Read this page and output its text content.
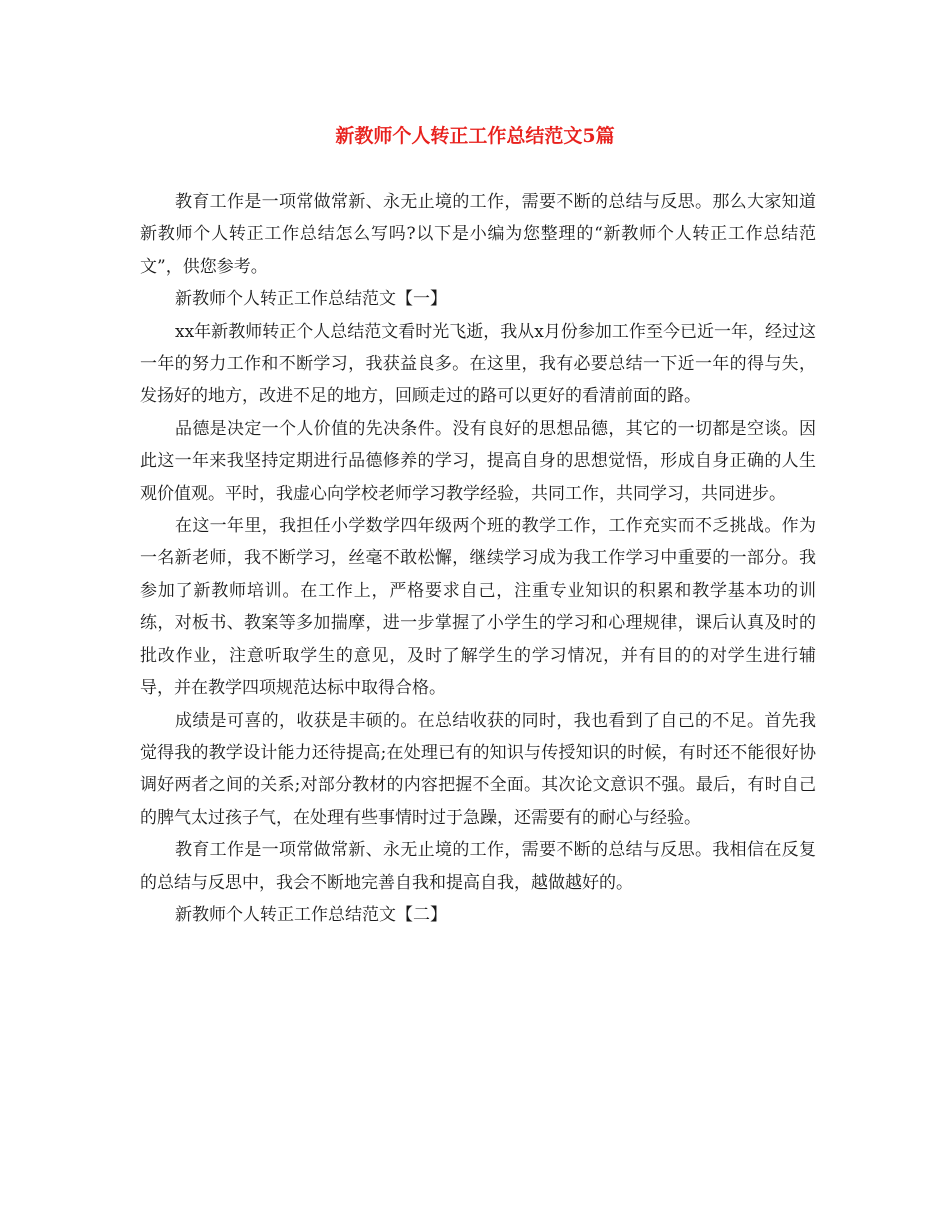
新教师个人转正工作总结范文5篇

教育工作是一项常做常新、永无止境的工作，需要不断的总结与反思。那么大家知道新教师个人转正工作总结怎么写吗?以下是小编为您整理的“新教师个人转正工作总结范文”，供您参考。

新教师个人转正工作总结范文【一】

xx年新教师转正个人总结范文看时光飞逝，我从x月份参加工作至今已近一年，经过这一年的努力工作和不断学习，我获益良多。在这里，我有必要总结一下近一年的得与失，发扬好的地方，改进不足的地方，回顾走过的路可以更好的看清前面的路。

品德是决定一个人价值的先决条件。没有良好的思想品德，其它的一切都是空谈。因此这一年来我坚持定期进行品德修养的学习，提高自身的思想觉悟，形成自身正确的人生观价值观。平时，我虚心向学校老师学习教学经验，共同工作，共同学习，共同进步。

在这一年里，我担任小学数学四年级两个班的教学工作，工作充实而不乏挑战。作为一名新老师，我不断学习，丝毫不敢松懈，继续学习成为我工作学习中重要的一部分。我参加了新教师培训。在工作上，严格要求自己，注重专业知识的积累和教学基本功的训练，对板书、教案等多加揣摩，进一步掌握了小学生的学习和心理规律，课后认真及时的批改作业，注意听取学生的意见，及时了解学生的学习情况，并有目的的对学生进行辅导，并在教学四项规范达标中取得合格。

成绩是可喜的，收获是丰硕的。在总结收获的同时，我也看到了自己的不足。首先我觉得我的教学设计能力还待提高;在处理已有的知识与传授知识的时候，有时还不能很好协调好两者之间的关系;对部分教材的内容把握不全面。其次论文意识不强。最后，有时自己的脾气太过孩子气，在处理有些事情时过于急躁，还需要有的耐心与经验。

教育工作是一项常做常新、永无止境的工作，需要不断的总结与反思。我相信在反复的总结与反思中，我会不断地完善自我和提高自我，越做越好的。

新教师个人转正工作总结范文【二】
